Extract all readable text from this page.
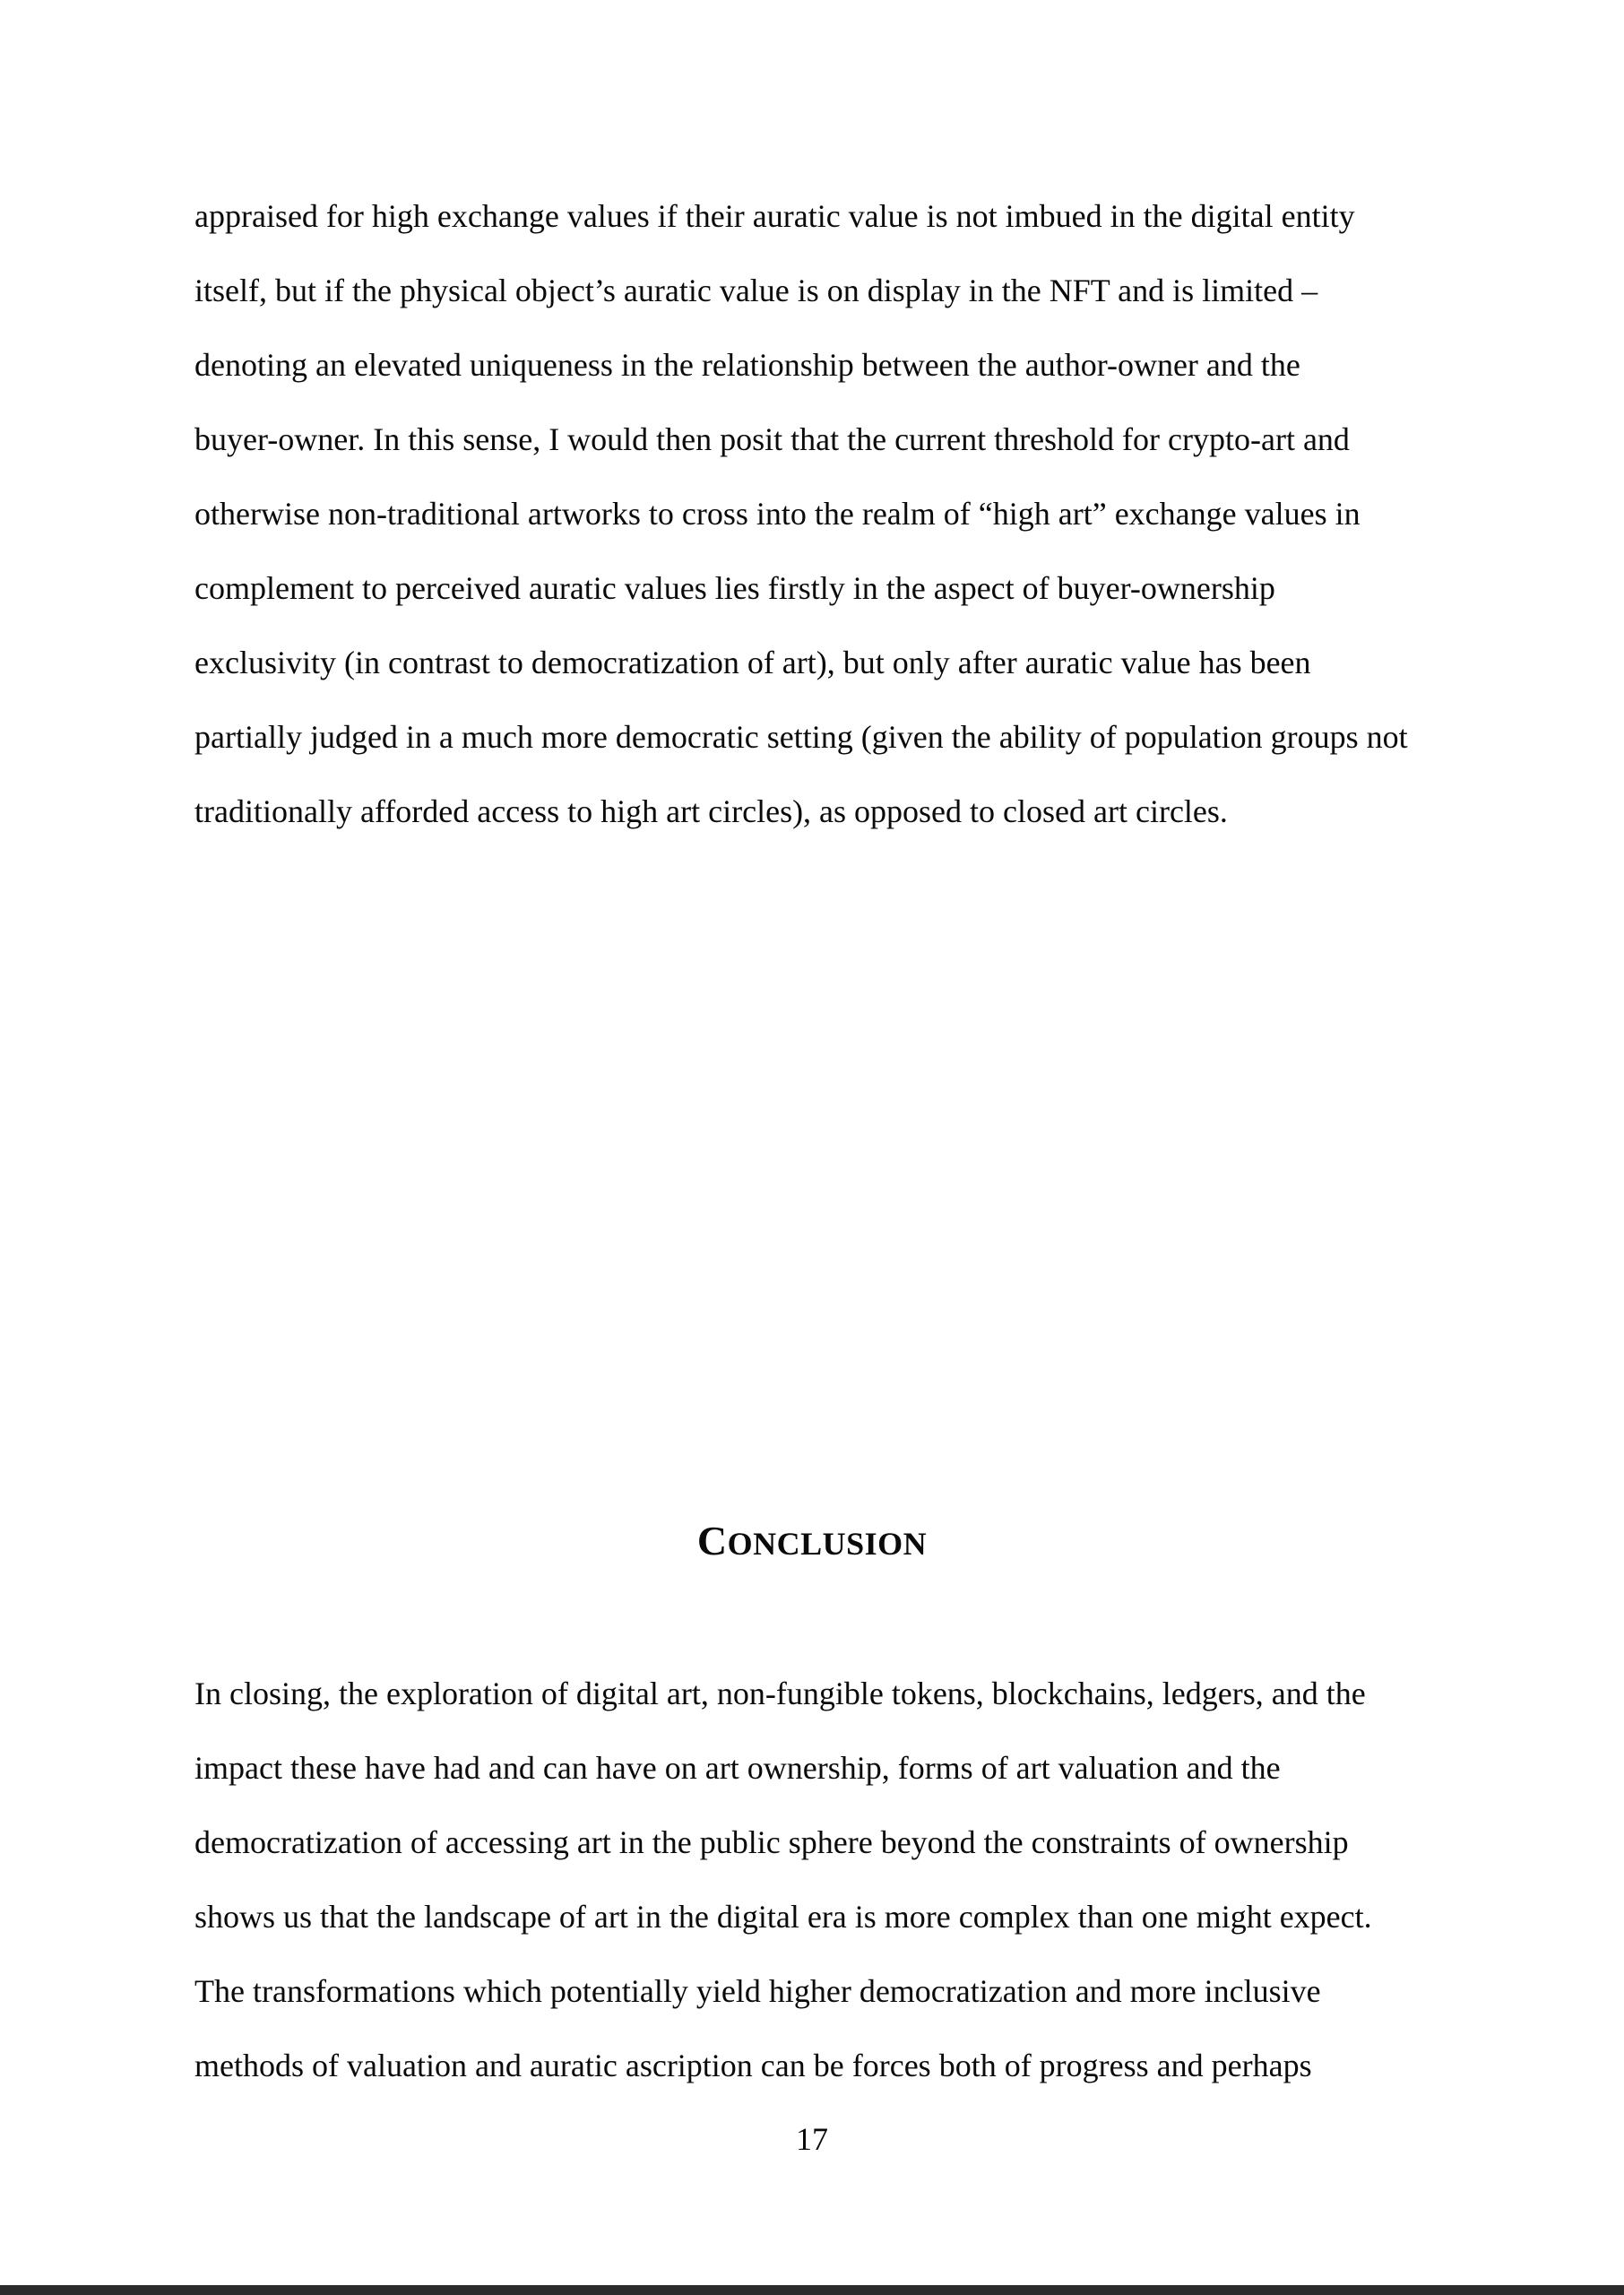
appraised for high exchange values if their auratic value is not imbued in the digital entity
itself, but if the physical object’s auratic value is on display in the NFT and is limited –
denoting an elevated uniqueness in the relationship between the author-owner and the
buyer-owner. In this sense, I would then posit that the current threshold for crypto-art and
otherwise non-traditional artworks to cross into the realm of “high art” exchange values in
complement to perceived auratic values lies firstly in the aspect of buyer-ownership
exclusivity (in contrast to democratization of art), but only after auratic value has been
partially judged in a much more democratic setting (given the ability of population groups not
traditionally afforded access to high art circles), as opposed to closed art circles.
CONCLUSION
In closing, the exploration of digital art, non-fungible tokens, blockchains, ledgers, and the
impact these have had and can have on art ownership, forms of art valuation and the
democratization of accessing art in the public sphere beyond the constraints of ownership
shows us that the landscape of art in the digital era is more complex than one might expect.
The transformations which potentially yield higher democratization and more inclusive
methods of valuation and auratic ascription can be forces both of progress and perhaps
17
